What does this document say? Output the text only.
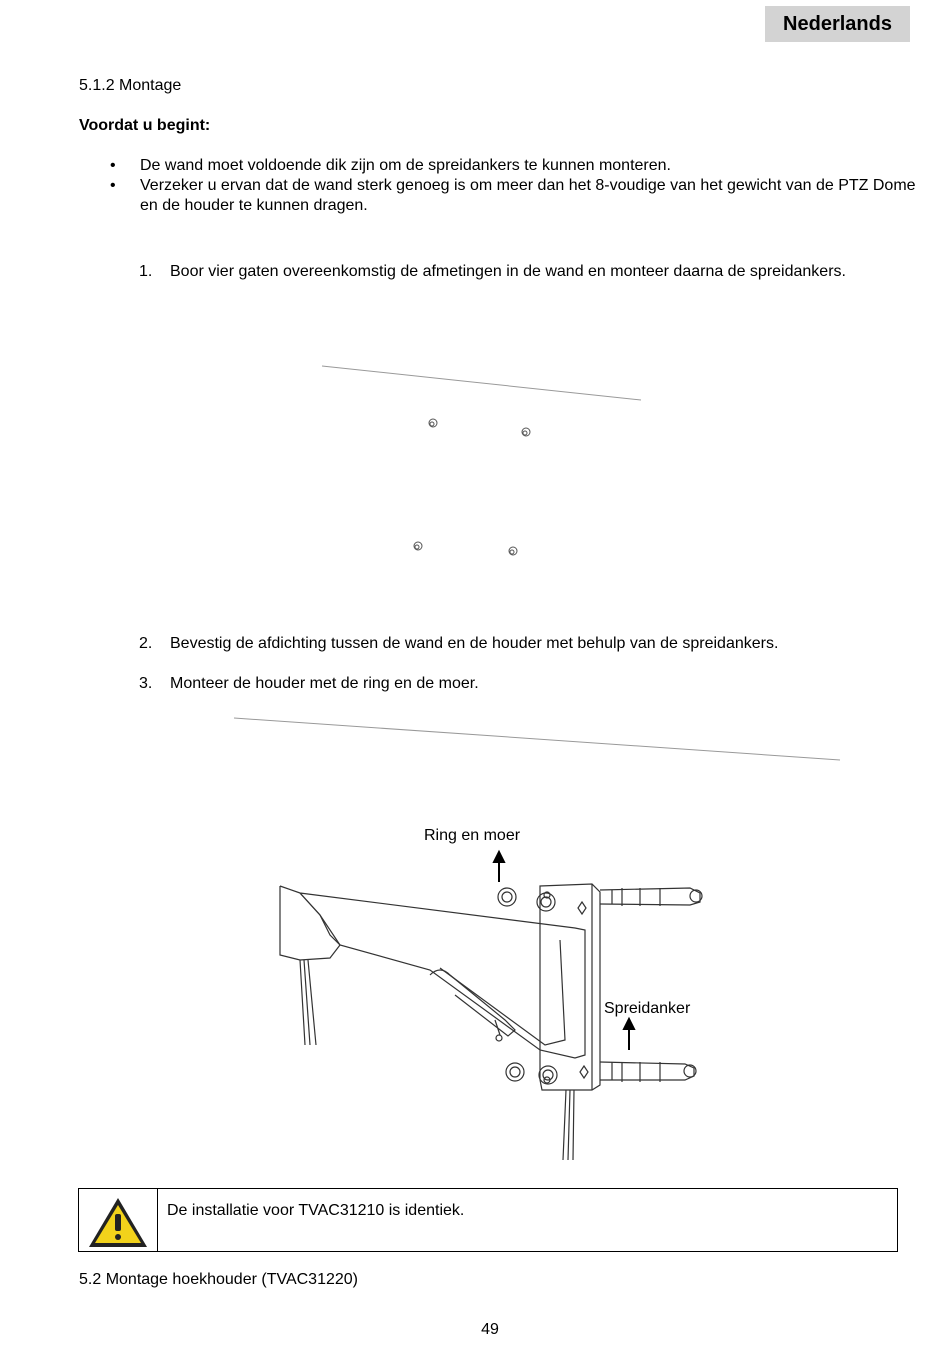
Nederlands
5.1.2 Montage
Voordat u begint:
• De wand moet voldoende dik zijn om de spreidankers te kunnen monteren.
• Verzeker u ervan dat de wand sterk genoeg is om meer dan het 8-voudige van het gewicht van de PTZ Dome en de houder te kunnen dragen.
1. Boor vier gaten overeenkomstig de afmetingen in de wand en monteer daarna de spreidankers.
2. Bevestig de afdichting tussen de wand en de houder met behulp van de spreidankers.
3. Monteer de houder met de ring en de moer.
Ring en moer
Spreidanker
De installatie voor TVAC31210 is identiek.
5.2 Montage hoekhouder (TVAC31220)
49
